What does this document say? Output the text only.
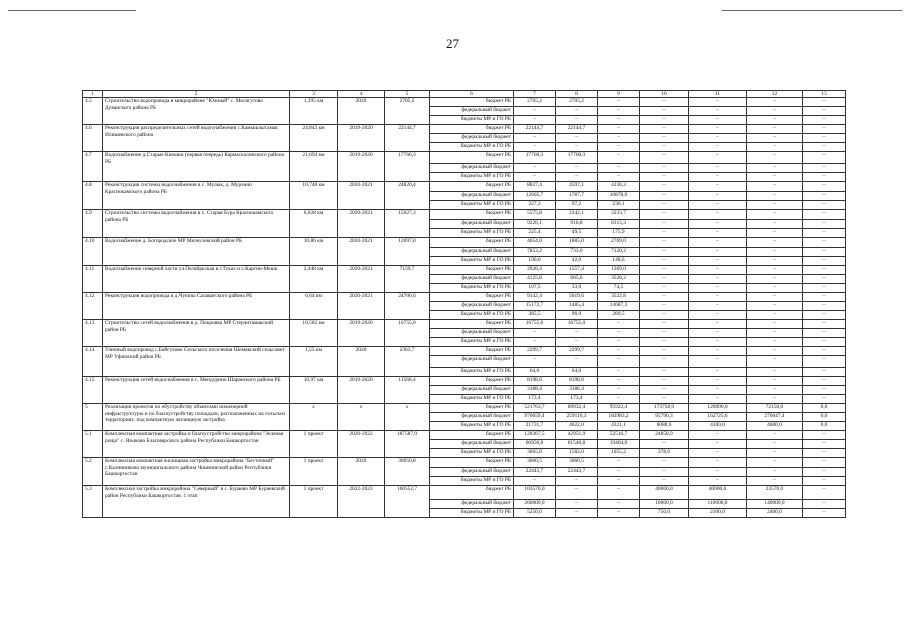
27
1	2	3	4	5	6	7	8	9	10	11	12	13
4.5	Строительство водопровода в микрорайоне "Южный" с. Месягутово Дуванского района РБ	1,395 км	2020	2705,2	бюджет РБ	2705,2	2705,2	–	–	–	–	–
					федеральный бюджет	–	–	–	–	–	–	–
					бюджеты МР и ГО РБ	–	–	–	–	–	–	–
4.6	Реконструкция распределительных сетей водоснабжения с.Камышлытамак Илишевского района	24,843 км	2019-2020	22144,7	бюджет РБ	22144,7	22144,7	–	–	–	–	–
					федеральный бюджет	–	–	–	–	–	–	–
					бюджеты МР и ГО РБ	–	–	–	–	–	–	–
4.7	Водоснабжение д.Старые Киешки (первая очередь) Кармаскалинского района РБ	21,694 км	2019-2020	17760,3	бюджет РБ	17760,3	17760,3	–	–	–	–	–
					федеральный бюджет	–	–	–	–	–	–	–
					бюджеты МР и ГО РБ	–	–	–	–	–	–	–
4.8	Реконструкция системы водоснабжения в с. Мулык, д. Мурзино Краснокамского района РБ	10,748 км	2020-2021	24820,4	бюджет РБ	8827,4	4597,1	4230,3	–	–	–	–
					федеральный бюджет	12665,7	1787,7	10878,0	–	–	–	–
					бюджеты МР и ГО РБ	327,3	97,2	230,1	–	–	–	–
4.9	Строительство системы водоснабжения в с. Старая Бура Краснокамского района РБ	6,028 км	2020-2021	15027,3	бюджет РБ	5575,8	2342,1	3233,7	–	–	–	–
					федеральный бюджет	9226,1	910,8	8315,3	–	–	–	–
					бюджеты МР и ГО РБ	225,4	49,5	175,9	–	–	–	–
4.10	Водоснабжение д. Богородское МР Мелеузовский район РБ	10,86 км	2020-2021	12697,8	бюджет РБ	4654,0	1885,0	2769,0	–	–	–	–
					федеральный бюджет	7853,2	733,0	7120,2	–	–	–	–
					бюджеты МР и ГО РБ	190,6	42,0	148,6	–	–	–	–
4.11	Водоснабжение северной части ул.Октябрьская в г.Туках и с.Каргин-Мешк	2,448 км	2020-2021	7159,7	бюджет РБ	2926,4	1557,4	1369,0	–	–	–	–
					федеральный бюджет	4125,8	605,6	3520,2	–	–	–	–
					бюджеты МР и ГО РБ	107,5	33,0	74,5	–	–	–	–
4.12	Реконструкция водопровода в д.Чуюпы Салаватского района РБ	6,64 км	2020-2021	24700,6	бюджет РБ	9142,4	5619,6	3522,8	–	–	–	–
					федеральный бюджет	15172,7	1485,4	13687,3	–	–	–	–
					бюджеты МР и ГО РБ	385,5	96,0	289,5	–	–	–	–
4.13	Строительство сетей водоснабжения в д. Покровка МР Стерлитамакский район РБ	10,582 км	2019-2020	16755,0	бюджет РБ	16755,0	16755,0	–	–	–	–	–
					федеральный бюджет	–	–	–	–	–	–	–
					бюджеты МР и ГО РБ	–	–	–	–	–	–	–
4.14	Уличный водопровод с.Байгулово Сельского поселения Шемякский сельсовет МР Уфимский район РБ	1,55 км	2020	2363,7	бюджет РБ	2299,7	2299,7	–	–	–	–	–
					федеральный бюджет	–	–	–	–	–	–	–
					бюджеты МР и ГО РБ	64,0	64,0	–	–	–	–	–
4.15	Реконструкция сетей водоснабжения в с. Мендурино Шаранского района РБ	10,97 км	2019-2020	11560,4	бюджет РБ	8198,6	8198,6	–	–	–	–	–
					федеральный бюджет	3188,4	3188,4	–	–	–	–	–
					бюджеты МР и ГО РБ	173,4	173,4	–	–	–	–	–
5	Реализация проектов по обустройству объектами инженерной инфраструктуры и по благоустройству площадок, расположенных на сельских территориях, под компактную жилищную застройку	х	х	х	бюджет РБ	521763,7	69932,4	95922,4	173758,9	120000,0	72150,0	0,0
					федеральный бюджет	976659,4	259110,3	182983,2	95790,3	162725,6	276047,4	0,0
					бюджеты МР и ГО РБ	21731,7	4622,0	4321,1	6088,6	4100,0	4600,0	0,0
5.1	Комплексная компактная застройка и благоустройство микрорайона "Зеленая роща" с. Языково Благоварского района Республики Башкортостан	1 проект	2020-2022	187587,9	бюджет РБ	120367,5	42951,9	52516,7	24858,9	–	–	–
					федеральный бюджет	60950,8	61546,8	19404,0	–	–	–	–
					бюджеты МР и ГО РБ	3065,8	1582,0	1055,2	378,6	–	–	–
5.2	Комплексная компактная жилищная застройка микрорайона "Бесточный" с.Калинниково муниципального района Чишминский район Республики Башкортостан	1 проект	2020	30050,8	бюджет РБ	3060,5	3060,5	–	–	–	–	–
					федеральный бюджет	22443,7	22443,7	–	–	–	–	–
					бюджеты МР и ГО РБ	–	–	–	–	–	–	–
5.3	Комплексная застройка микрорайона "Северный" в с. Бураево МР Бураевский район Республики Башкортостан. 1 этап	1 проект	2022-2023	160552,7	бюджет РБ	103570,0	–	–	40000,0	40000,0	23570,0	–
					федеральный бюджет	260000,0	–	–	10000,0	110000,0	140000,0	–
					бюджеты МР и ГО РБ	5250,0	–	–	750,0	2100,0	2400,0	–
